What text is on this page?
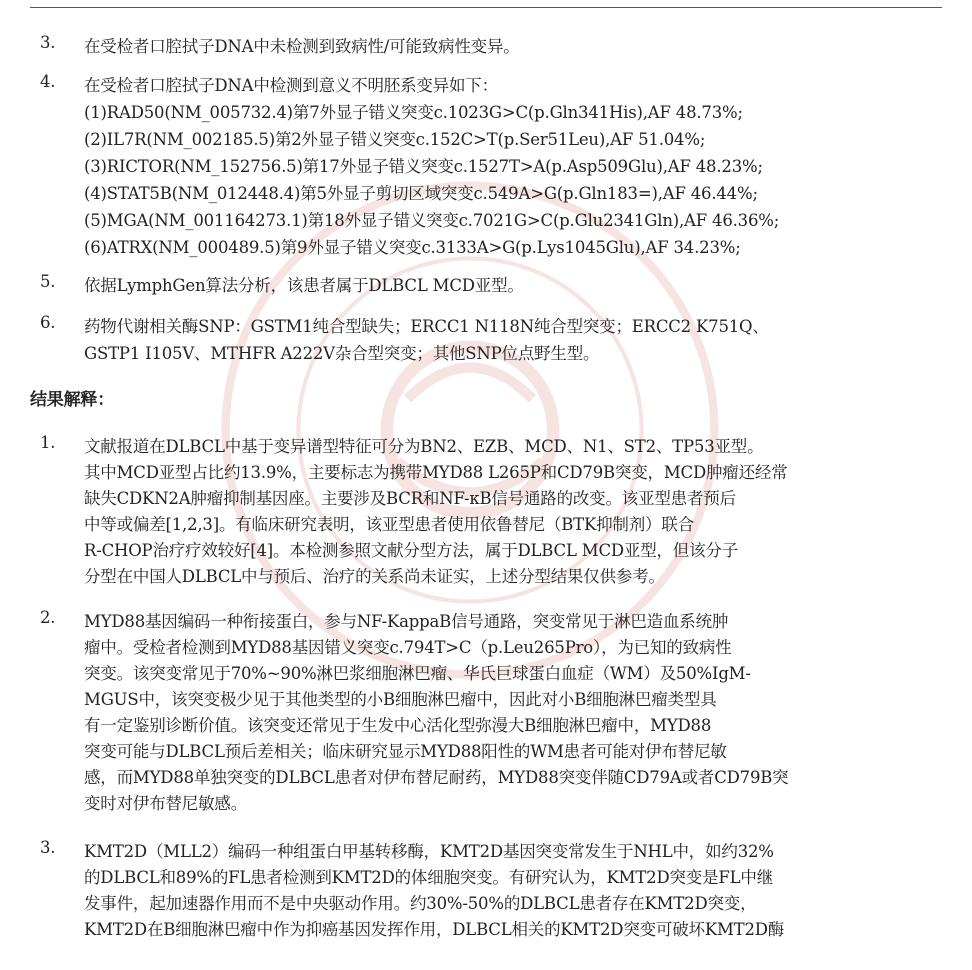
3. 在受检者口腔拭子DNA中未检测到致病性/可能致病性变异。
4. 在受检者口腔拭子DNA中检测到意义不明胚系变异如下：
(1)RAD50(NM_005732.4)第7外显子错义突变c.1023G>C(p.Gln341His),AF 48.73%;
(2)IL7R(NM_002185.5)第2外显子错义突变c.152C>T(p.Ser51Leu),AF 51.04%;
(3)RICTOR(NM_152756.5)第17外显子错义突变c.1527T>A(p.Asp509Glu),AF 48.23%;
(4)STAT5B(NM_012448.4)第5外显子剪切区域突变c.549A>G(p.Gln183=),AF 46.44%;
(5)MGA(NM_001164273.1)第18外显子错义突变c.7021G>C(p.Glu2341Gln),AF 46.36%;
(6)ATRX(NM_000489.5)第9外显子错义突变c.3133A>G(p.Lys1045Glu),AF 34.23%;
5. 依据LymphGen算法分析，该患者属于DLBCL MCD亚型。
6. 药物代谢相关酶SNP：GSTM1纯合型缺失；ERCC1 N118N纯合型突变；ERCC2 K751Q、
GSTP1 I105V、MTHFR A222V杂合型突变；其他SNP位点野生型。
结果解释：
1. 文献报道在DLBCL中基于变异谱型特征可分为BN2、EZB、MCD、N1、ST2、TP53亚型。
其中MCD亚型占比约13.9%，主要标志为携带MYD88 L265P和CD79B突变，MCD肿瘤还经常
缺失CDKN2A肿瘤抑制基因座。主要涉及BCR和NF-κB信号通路的改变。该亚型患者预后
中等或偏差[1,2,3]。有临床研究表明，该亚型患者使用依鲁替尼（BTK抑制剂）联合
R-CHOP治疗疗效较好[4]。本检测参照文献分型方法，属于DLBCL MCD亚型，但该分子
分型在中国人DLBCL中与预后、治疗的关系尚未证实，上述分型结果仅供参考。
2. MYD88基因编码一种衔接蛋白，参与NF-KappaB信号通路，突变常见于淋巴造血系统肿
瘤中。受检者检测到MYD88基因错义突变c.794T>C（p.Leu265Pro），为已知的致病性
突变。该突变常见于70%~90%淋巴浆细胞淋巴瘤、华氏巨球蛋白血症（WM）及50%IgM-
MGUS中，该突变极少见于其他类型的小B细胞淋巴瘤中，因此对小B细胞淋巴瘤类型具
有一定鉴别诊断价值。该突变还常见于生发中心活化型弥漫大B细胞淋巴瘤中，MYD88
突变可能与DLBCL预后差相关；临床研究显示MYD88阳性的WM患者可能对伊布替尼敏
感，而MYD88单独突变的DLBCL患者对伊布替尼耐药，MYD88突变伴随CD79A或者CD79B突
变时对伊布替尼敏感。
3. KMT2D（MLL2）编码一种组蛋白甲基转移酶，KMT2D基因突变常发生于NHL中，如约32%
的DLBCL和89%的FL患者检测到KMT2D的体细胞突变。有研究认为，KMT2D突变是FL中继
发事件，起加速器作用而不是中央驱动作用。约30%-50%的DLBCL患者存在KMT2D突变，
KMT2D在B细胞淋巴瘤中作为抑癌基因发挥作用，DLBCL相关的KMT2D突变可破坏KMT2D酶
